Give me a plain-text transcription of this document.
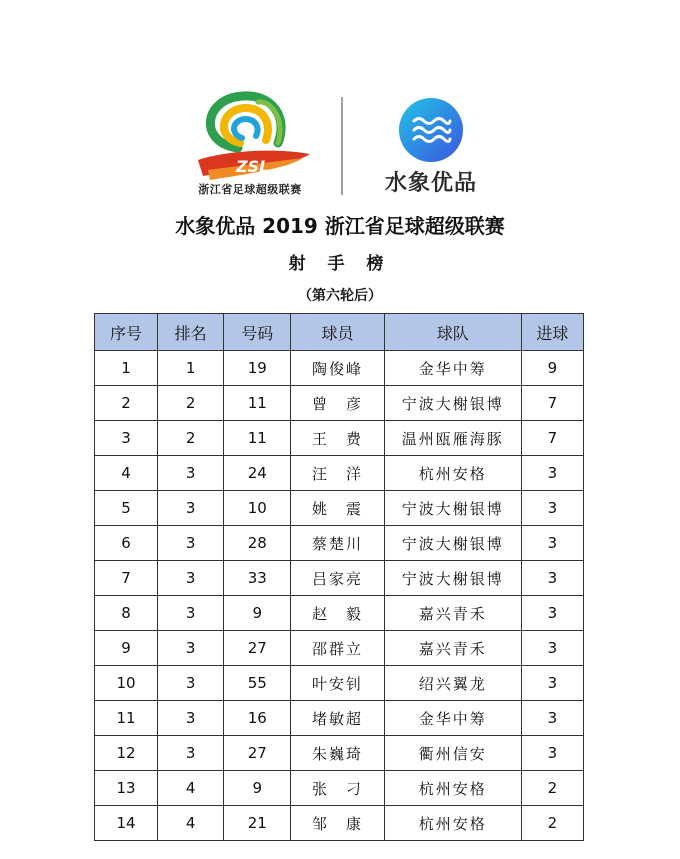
ZSL
浙江省足球超级联赛	水象优品
水象优品 2019 浙江省足球超级联赛
射 手 榜
（第六轮后）
序号	排名	号码	球员	球队	进球
1	1	19	陶俊峰	金华中筹	9
2	2	11	曾　彦	宁波大榭银博	7
3	2	11	王　费	温州瓯雁海豚	7
4	3	24	汪　洋	杭州安格	3
5	3	10	姚　震	宁波大榭银博	3
6	3	28	蔡楚川	宁波大榭银博	3
7	3	33	吕家亮	宁波大榭银博	3
8	3	9	赵　毅	嘉兴青禾	3
9	3	27	邵群立	嘉兴青禾	3
10	3	55	叶安钊	绍兴翼龙	3
11	3	16	堵敏超	金华中筹	3
12	3	27	朱巍琦	衢州信安	3
13	4	9	张　刁	杭州安格	2
14	4	21	邹　康	杭州安格	2
